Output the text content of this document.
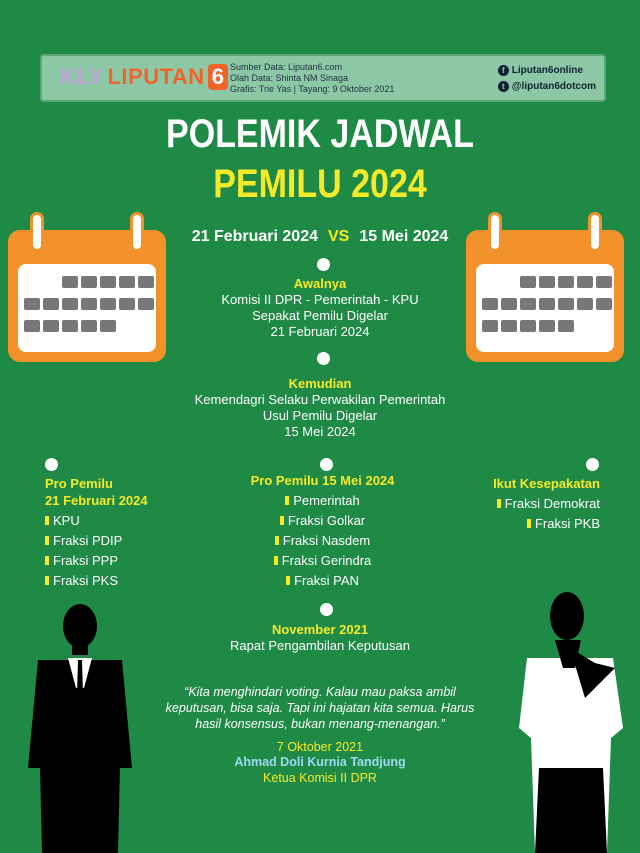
KLY LIPUTAN 6 Sumber Data: Liputan6.com
Olah Data: Shinta NM Sinaga
Grafis: Trie Yas | Tayang: 9 Oktober 2021
f Liputan6online
t @liputan6dotcom
POLEMIK JADWAL
PEMILU 2024
21 Februari 2024 VS 15 Mei 2024
Awalnya
Komisi II DPR - Pemerintah - KPU
Sepakat Pemilu Digelar
21 Februari 2024
Kemudian
Kemendagri Selaku Perwakilan Pemerintah
Usul Pemilu Digelar
15 Mei 2024
Pro Pemilu
21 Februari 2024
KPU
Fraksi PDIP
Fraksi PPP
Fraksi PKS
Pro Pemilu 15 Mei 2024
Pemerintah
Fraksi Golkar
Fraksi Nasdem
Fraksi Gerindra
Fraksi PAN
Ikut Kesepakatan
Fraksi Demokrat
Fraksi PKB
November 2021
Rapat Pengambilan Keputusan
“Kita menghindari voting. Kalau mau paksa ambil keputusan, bisa saja. Tapi ini hajatan kita semua. Harus hasil konsensus, bukan menang-menangan.”
7 Oktober 2021
Ahmad Doli Kurnia Tandjung
Ketua Komisi II DPR
